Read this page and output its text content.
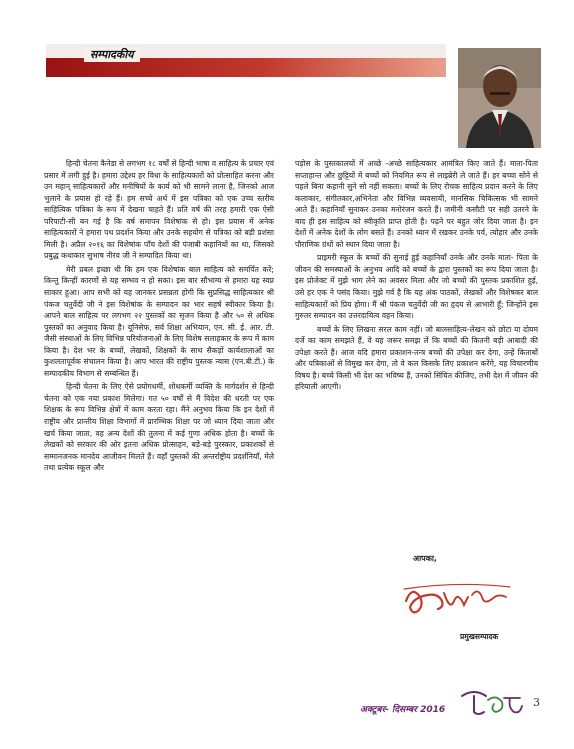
सम्पादकीय

हिन्दी चेतना कैनेडा से लगभग १८ वर्षों से हिन्दी भाषा व साहित्य के प्रचार एवं प्रसार में लगी हुई है। हमारा उद्देश्य हर विधा के साहित्यकारों को प्रोत्साहित करना और उन महान् साहित्यकारों और मनीषियों के कार्य को भी सामने लाना है, जिनको आज भुलाने के प्रयास हो रहे हैं। हम सच्चे अर्थ में इस पत्रिका को एक उच्च स्तरीय साहित्यिक पत्रिका के रूप में देखना चाहते हैं। प्रति वर्ष की तरह हमारी एक ऐसी परिपाटी-सी बन गई है कि वर्ष समापन विशेषांक से हो। इस प्रयास में अनेक साहित्यकारों ने हमारा पथ प्रदर्शन किया और उनके सहयोग से पत्रिका को बड़ी प्रशंसा मिली है। अप्रैल २०१६ का विशेषांक पाँच देशों की पंजाबी कहानियों का था, जिसको प्रबुद्ध कथाकार सुभाष नीरव जी ने सम्पादित किया था।

मेरी प्रबल इच्छा थी कि हम एक विशेषांक बाल साहित्य को समर्पित करें; किन्तु किन्हीं कारणों से यह सम्भव न हो सका। इस बार सौभाग्य से हमारा यह स्वप्न साकार हुआ। आप सभी को यह जानकर प्रसन्नता होगी कि सुप्रसिद्ध साहित्यकार श्री पंकज चतुर्वेदी जी ने इस विशेषांक के सम्पादन का भार सहर्ष स्वीकार किया है। आपने बाल साहित्य पर लगभग २२ पुस्तकों का सृजन किया है और ५० से अधिक पुस्तकों का अनुवाद किया है। यूनिसेफ, सर्व शिक्षा अभियान, एन. सी. ई. आर. टी. जैसी संस्थाओं के लिए विभिन्न परियोजनाओं के लिए विशेष सलाहकार के रूप में काम किया है। देश भर के बच्चों, लेखकों, शिक्षकों के साथ सैकड़ों कार्यशालाओं का कुशलतापूर्वक संचालन किया है। आप भारत की राष्ट्रीय पुस्तक न्यास (एन.बी.टी.) के सम्पादकीय विभाग से सम्बन्धित हैं।

हिन्दी चेतना के लिए ऐसे प्रयोगधर्मी, शोधकर्मी व्यक्ति के मार्गदर्शन से हिन्दी चेतना को एक नया प्रकाश मिलेगा। गत ५० वर्षों से मैं विदेश की धरती पर एक शिक्षक के रूप विभिन्न क्षेत्रों में काम करता रहा। मैंने अनुभव किया कि इन देशों में राष्ट्रीय और प्रान्तीय शिक्षा विभागों में प्रारम्भिक शिक्षा पर जो ध्यान दिया जाता और खर्च किया जाता, वह अन्य देशों की तुलना में कई गुणा अधिक होता है। बच्चों के लेखकों को सरकार की ओर इतना अधिक प्रोत्साहन, बड़े-बड़े पुरस्कार, प्रकाशकों से सम्मानजनक मानदेय आजीवन मिलते हैं। वहाँ पुस्तकों की अन्तर्राष्ट्रीय प्रदर्शनियाँ, मेले तथा प्रत्येक स्कूल और

पड़ोस के पुस्तकालयों में अच्छे -अच्छे साहित्यकार आमंत्रित किए जाते हैं। माता-पिता सप्ताहान्त और छुट्टियों में बच्चों को नियमित रूप से लाइब्रेरी ले जाते हैं। हर बच्चा सोने से पहले बिना कहानी सुने सो नहीं सकता। बच्चों के लिए रोचक साहित्य प्रदान करने के लिए कलाकार, संगीतकार,अभिनेता और विभिन्न व्यवसायी, मानसिक चिकित्सक भी सामने आते हैं। कहानियाँ सुनाकर उनका मनोरंजन करते हैं। जमीनी कसौटी पर सही उतरने के बाद ही इस साहित्य को स्वीकृति प्राप्त होती है। पढ़ने पर बहुत जोर दिया जाता है। इन देशों में अनेक देशों के लोग बसते हैं। उनको ध्यान में रखकर उनके पर्व, त्योहार और उनके पौराणिक ग्रंथों को स्थान दिया जाता है।

प्राइमरी स्कूल के बच्चों की सुनाई हुई कहानियाँ उनके और उनके माता- पिता के जीवन की समस्याओं के अनुभव आदि को बच्चों के द्वारा पुस्तकों का रूप दिया जाता है। इस प्रोजेक्ट में मुझे भाग लेने का अवसर मिला और जो बच्चों की पुस्तक प्रकाशित हुई, उसे हर एक ने पसंद किया। मुझे गर्व है कि यह अंक पाठकों, लेखकों और विशेषकर बाल साहित्यकारों को प्रिय होगा। मैं श्री पंकज चतुर्वेदी जी का हृदय से आभारी हूँ; जिन्होंने इस गुरुतर सम्पादन का उत्तरदायित्व वहन किया।

बच्चों के लिए लिखना सरल काम नहीं। जो बालसाहित्य-लेखन को छोटा या दोयम दर्जे का काम समझते हैं, वे यह जरूर समझ लें कि बच्चों की कितनी बड़ी आबादी की उपेक्षा करते हैं। आज यदि हमारा प्रकाशन-तन्त्र बच्चों की उपेक्षा कर देगा, उन्हें किताबों और पत्रिकाओं से विमुख कर देगा, तो वे कल किसके लिए प्रकाशन करेंगे, यह विचारणीय विषय है। बच्चे किसी भी देश का भविष्य हैं, उनको सिंचित कीजिए, तभी देश में जीवन की हरियाली आएगी।

आपका,
प्रमुखसम्पादक
अक्टूबर- दिसम्बर 2016
3
